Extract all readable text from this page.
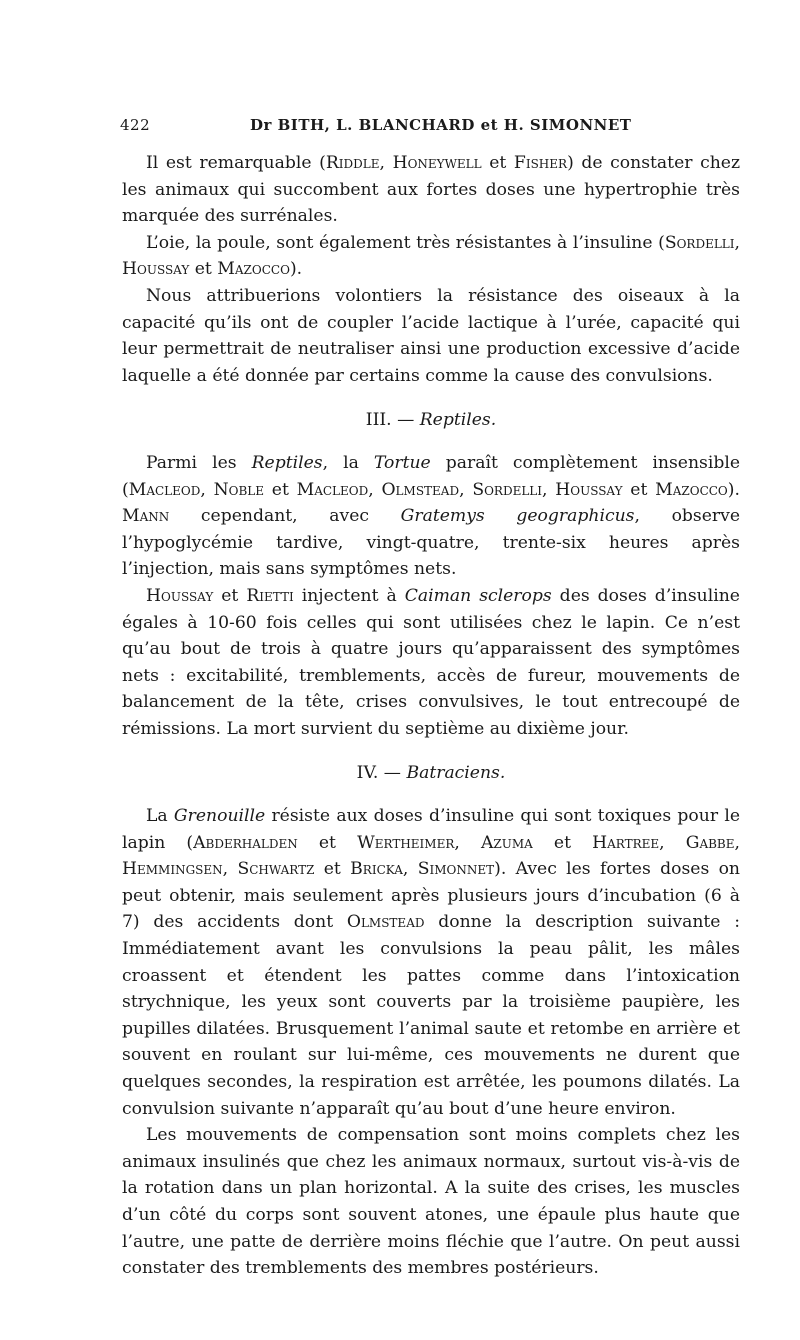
422	Dr BITH, L. BLANCHARD et H. SIMONNET

Il est remarquable (Riddle, Honeywell et Fisher) de constater chez les animaux qui succombent aux fortes doses une hypertrophie très marquée des surrénales.

L’oie, la poule, sont également très résistantes à l’insuline (Sordelli, Houssay et Mazocco).

Nous attribuerions volontiers la résistance des oiseaux à la capacité qu’ils ont de coupler l’acide lactique à l’urée, capacité qui leur permettrait de neutraliser ainsi une production excessive d’acide laquelle a été donnée par certains comme la cause des convulsions.

III. — Reptiles.

Parmi les Reptiles, la Tortue paraît complètement insensible (Macleod, Noble et Macleod, Olmstead, Sordelli, Houssay et Mazocco). Mann cependant, avec Gratemys geographicus, observe l’hypoglycémie tardive, vingt-quatre, trente-six heures après l’injection, mais sans symptômes nets.

Houssay et Rietti injectent à Caiman sclerops des doses d’insuline égales à 10-60 fois celles qui sont utilisées chez le lapin. Ce n’est qu’au bout de trois à quatre jours qu’apparaissent des symptômes nets : excitabilité, tremblements, accès de fureur, mouvements de balancement de la tête, crises convulsives, le tout entrecoupé de rémissions. La mort survient du septième au dixième jour.

IV. — Batraciens.

La Grenouille résiste aux doses d’insuline qui sont toxiques pour le lapin (Abderhalden et Wertheimer, Azuma et Hartree, Gabbe, Hemmingsen, Schwartz et Bricka, Simonnet). Avec les fortes doses on peut obtenir, mais seulement après plusieurs jours d’incubation (6 à 7) des accidents dont Olmstead donne la description suivante : Immédiatement avant les convulsions la peau pâlit, les mâles croassent et étendent les pattes comme dans l’intoxication strychnique, les yeux sont couverts par la troisième paupière, les pupilles dilatées. Brusquement l’animal saute et retombe en arrière et souvent en roulant sur lui-même, ces mouvements ne durent que quelques secondes, la respiration est arrêtée, les poumons dilatés. La convulsion suivante n’apparaît qu’au bout d’une heure environ.

Les mouvements de compensation sont moins complets chez les animaux insulinés que chez les animaux normaux, surtout vis-à-vis de la rotation dans un plan horizontal. A la suite des crises, les muscles d’un côté du corps sont souvent atones, une épaule plus haute que l’autre, une patte de derrière moins fléchie que l’autre. On peut aussi constater des tremblements des membres postérieurs.
